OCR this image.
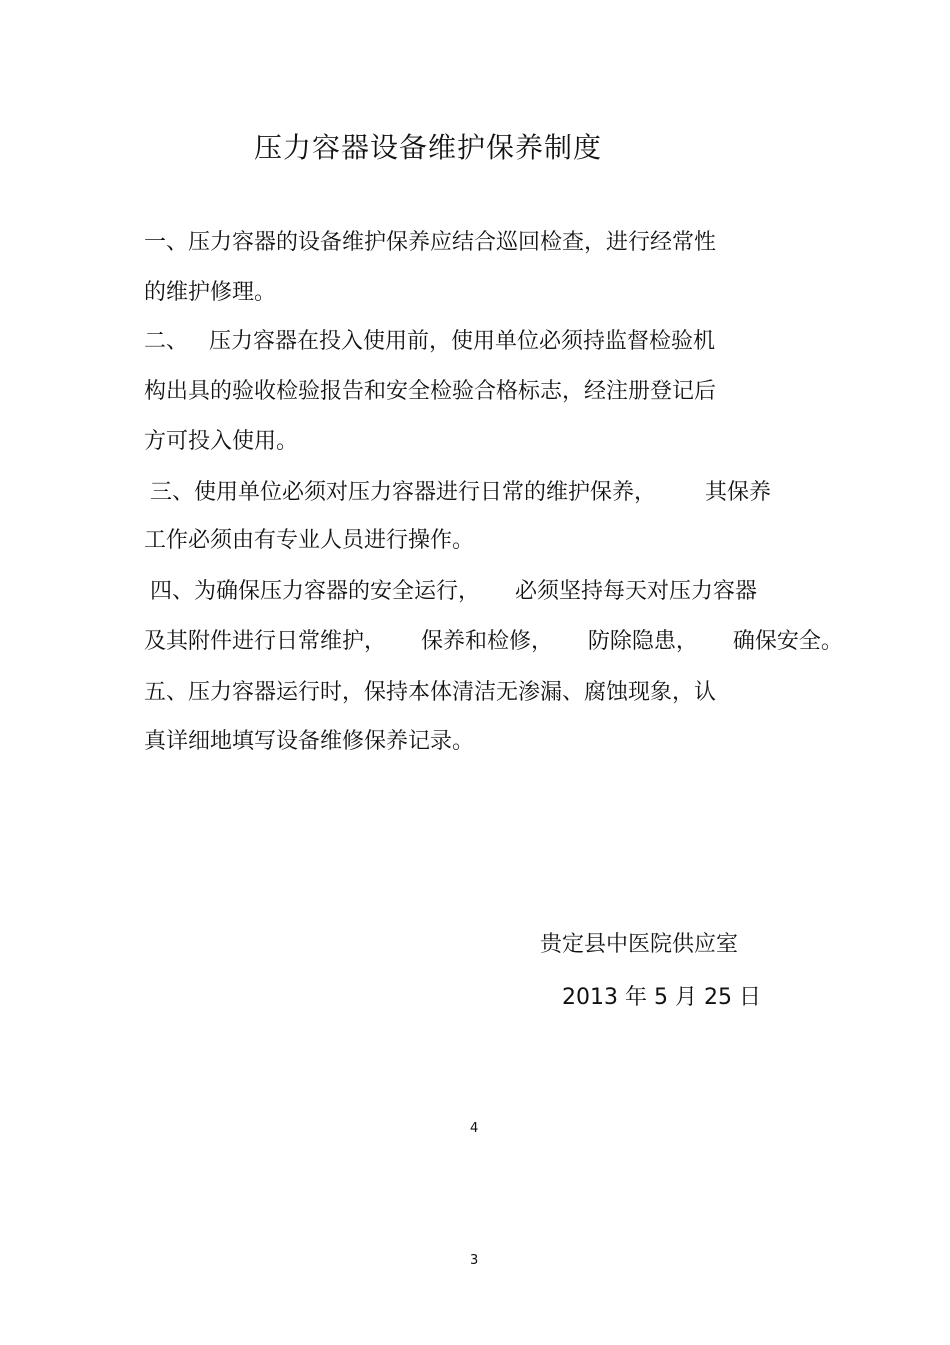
压力容器设备维护保养制度
一、压力容器的设备维护保养应结合巡回检查，进行经常性
的维护修理。
二、   压力容器在投入使用前，使用单位必须持监督检验机
构出具的验收检验报告和安全检验合格标志，经注册登记后
方可投入使用。
三、使用单位必须对压力容器进行日常的维护保养，       其保养
工作必须由有专业人员进行操作。
四、为确保压力容器的安全运行，     必须坚持每天对压力容器
及其附件进行日常维护，     保养和检修，     防除隐患，     确保安全。
五、压力容器运行时，保持本体清洁无渗漏、腐蚀现象，认
真详细地填写设备维修保养记录。
贵定县中医院供应室
2013 年 5 月 25 日
4
3
